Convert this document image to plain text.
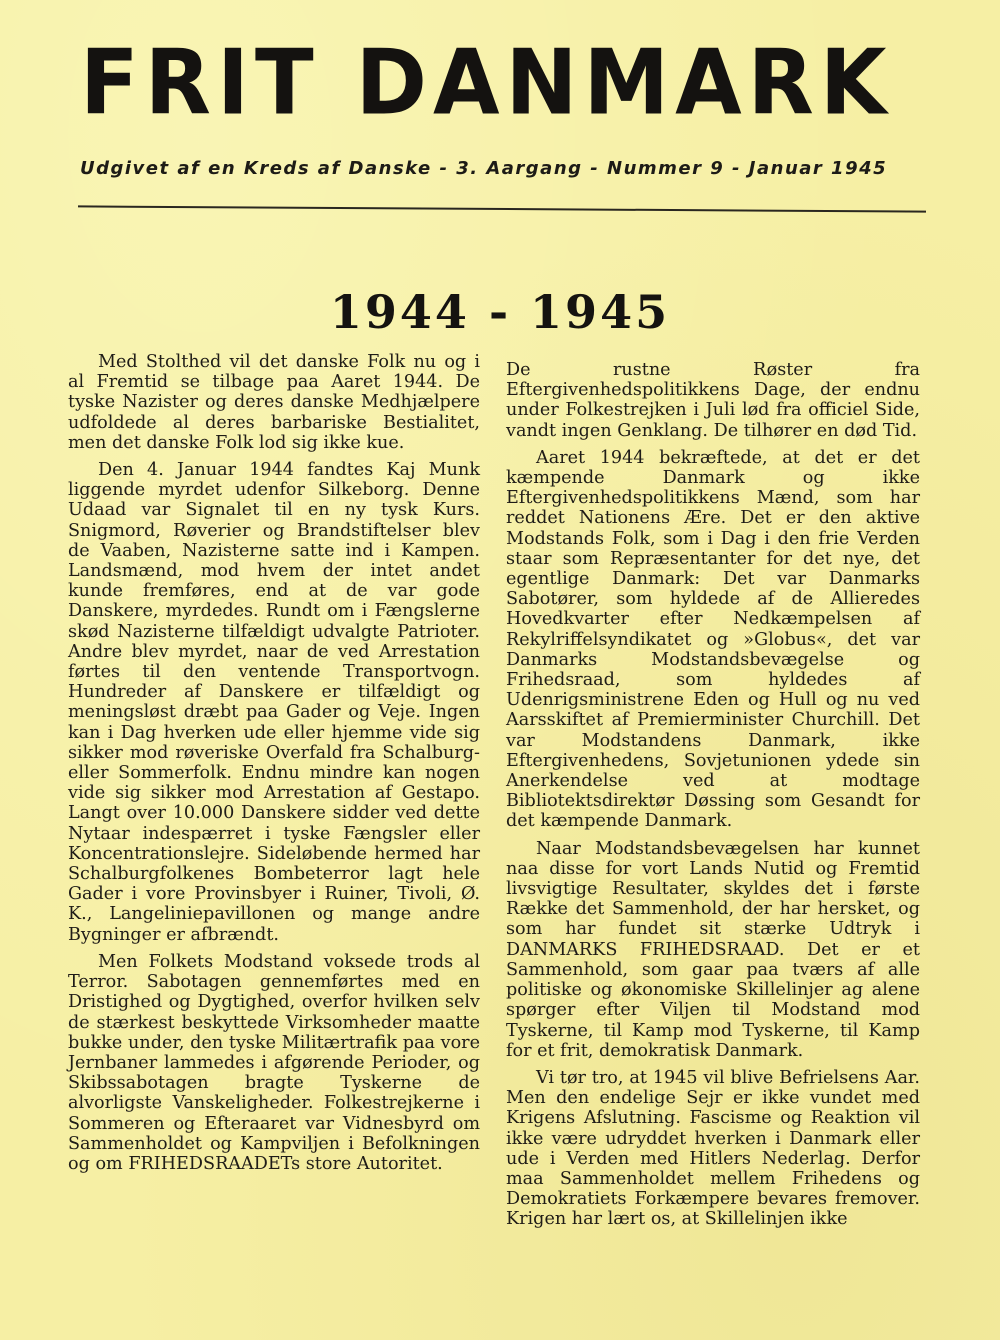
FRIT DANMARK
Udgivet af en Kreds af Danske - 3. Aargang - Nummer 9 - Januar 1945
1944 - 1945

Med Stolthed vil det danske Folk nu og i al Fremtid se tilbage paa Aaret 1944. De tyske Nazister og deres danske Medhjælpere udfoldede al deres barbariske Bestialitet, men det danske Folk lod sig ikke kue.

Den 4. Januar 1944 fandtes Kaj Munk liggende myrdet udenfor Silkeborg. Denne Udaad var Signalet til en ny tysk Kurs. Snigmord, Røverier og Brandstiftelser blev de Vaaben, Nazisterne satte ind i Kampen. Landsmænd, mod hvem der intet andet kunde fremføres, end at de var gode Danskere, myrdedes. Rundt om i Fængslerne skød Nazisterne tilfældigt udvalgte Patrioter. Andre blev myrdet, naar de ved Arrestation førtes til den ventende Transportvogn. Hundreder af Danskere er tilfældigt og meningsløst dræbt paa Gader og Veje. Ingen kan i Dag hverken ude eller hjemme vide sig sikker mod røveriske Overfald fra Schalburg- eller Sommerfolk. Endnu mindre kan nogen vide sig sikker mod Arrestation af Gestapo. Langt over 10.000 Danskere sidder ved dette Nytaar indespærret i tyske Fængsler eller Koncentrationslejre. Sideløbende hermed har Schalburgfolkenes Bombeterror lagt hele Gader i vore Provinsbyer i Ruiner, Tivoli, Ø. K., Langeliniepavillonen og mange andre Bygninger er afbrændt.

Men Folkets Modstand voksede trods al Terror. Sabotagen gennemførtes med en Dristighed og Dygtighed, overfor hvilken selv de stærkest beskyttede Virksomheder maatte bukke under, den tyske Militærtrafik paa vore Jernbaner lammedes i afgørende Perioder, og Skibssabotagen bragte Tyskerne de alvorligste Vanskeligheder. Folkestrejkerne i Sommeren og Efteraaret var Vidnesbyrd om Sammenholdet og Kampviljen i Befolkningen og om FRIHEDSRAADETs store Autoritet.

De rustne Røster fra Eftergivenhedspolitikkens Dage, der endnu under Folkestrejken i Juli lød fra officiel Side, vandt ingen Genklang. De tilhører en død Tid.

Aaret 1944 bekræftede, at det er det kæmpende Danmark og ikke Eftergivenhedspolitikkens Mænd, som har reddet Nationens Ære. Det er den aktive Modstands Folk, som i Dag i den frie Verden staar som Repræsentanter for det nye, det egentlige Danmark: Det var Danmarks Sabotører, som hyldede af de Allieredes Hovedkvarter efter Nedkæmpelsen af Rekylriffelsyndikatet og »Globus«, det var Danmarks Modstandsbevægelse og Frihedsraad, som hyldedes af Udenrigsministrene Eden og Hull og nu ved Aarsskiftet af Premierminister Churchill. Det var Modstandens Danmark, ikke Eftergivenhedens, Sovjetunionen ydede sin Anerkendelse ved at modtage Bibliotektsdirektør Døssing som Gesandt for det kæmpende Danmark.

Naar Modstandsbevægelsen har kunnet naa disse for vort Lands Nutid og Fremtid livsvigtige Resultater, skyldes det i første Række det Sammenhold, der har hersket, og som har fundet sit stærke Udtryk i DANMARKS FRIHEDSRAAD. Det er et Sammenhold, som gaar paa tværs af alle politiske og økonomiske Skillelinjer ag alene spørger efter Viljen til Modstand mod Tyskerne, til Kamp mod Tyskerne, til Kamp for et frit, demokratisk Danmark.

Vi tør tro, at 1945 vil blive Befrielsens Aar. Men den endelige Sejr er ikke vundet med Krigens Afslutning. Fascisme og Reaktion vil ikke være udryddet hverken i Danmark eller ude i Verden med Hitlers Nederlag. Derfor maa Sammenholdet mellem Frihedens og Demokratiets Forkæmpere bevares fremover. Krigen har lært os, at Skillelinjen ikke
